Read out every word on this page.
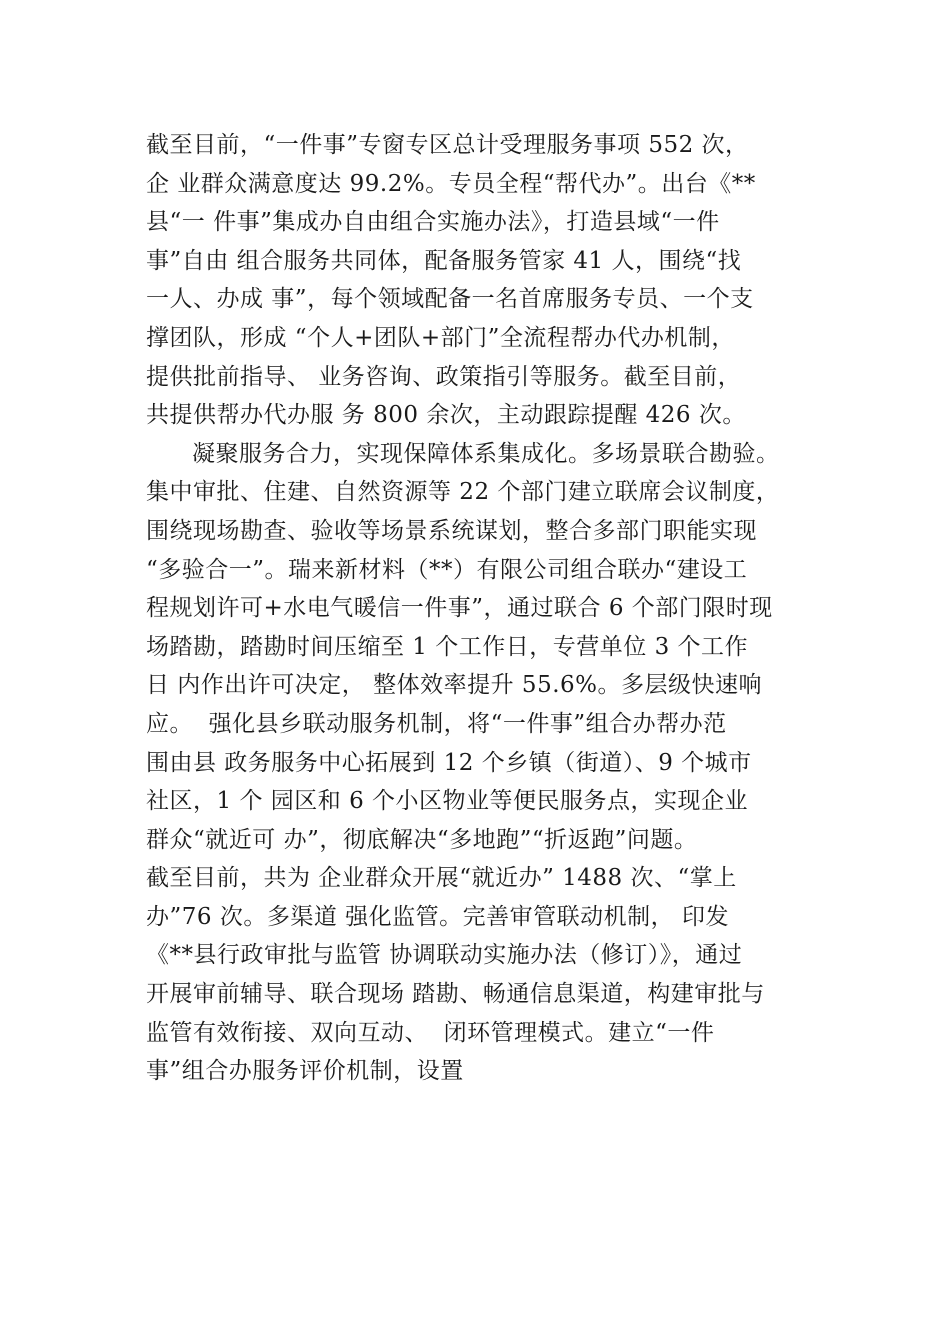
截至目前，“一件事”专窗专区总计受理服务事项 552 次，
企 业群众满意度达 99.2%。专员全程“帮代办”。出台《**
县“一 件事”集成办自由组合实施办法》，打造县域“一件
事”自由 组合服务共同体，配备服务管家 41 人，围绕“找
一人、办成 事”，每个领域配备一名首席服务专员、一个支
撑团队，形成 “个人+团队+部门”全流程帮办代办机制，
提供批前指导、 业务咨询、政策指引等服务。截至目前，
共提供帮办代办服 务 800 余次，主动跟踪提醒 426 次。
凝聚服务合力，实现保障体系集成化。多场景联合勘验。
集中审批、住建、自然资源等 22 个部门建立联席会议制度，
围绕现场勘查、验收等场景系统谋划，整合多部门职能实现
“多验合一”。瑞来新材料（**）有限公司组合联办“建设工
程规划许可+水电气暖信一件事”，通过联合 6 个部门限时现
场踏勘，踏勘时间压缩至 1 个工作日，专营单位 3 个工作
日 内作出许可决定， 整体效率提升 55.6%。多层级快速响
应。  强化县乡联动服务机制，将“一件事”组合办帮办范
围由县 政务服务中心拓展到 12 个乡镇（街道）、9 个城市
社区，1 个 园区和 6 个小区物业等便民服务点，实现企业
群众“就近可 办”，彻底解决“多地跑”“折返跑”问题。
截至目前，共为 企业群众开展“就近办” 1488 次、“掌上
办”76 次。多渠道 强化监管。完善审管联动机制， 印发
《**县行政审批与监管 协调联动实施办法（修订）》，通过
开展审前辅导、联合现场 踏勘、畅通信息渠道，构建审批与
监管有效衔接、双向互动、  闭环管理模式。建立“一件
事”组合办服务评价机制，设置
